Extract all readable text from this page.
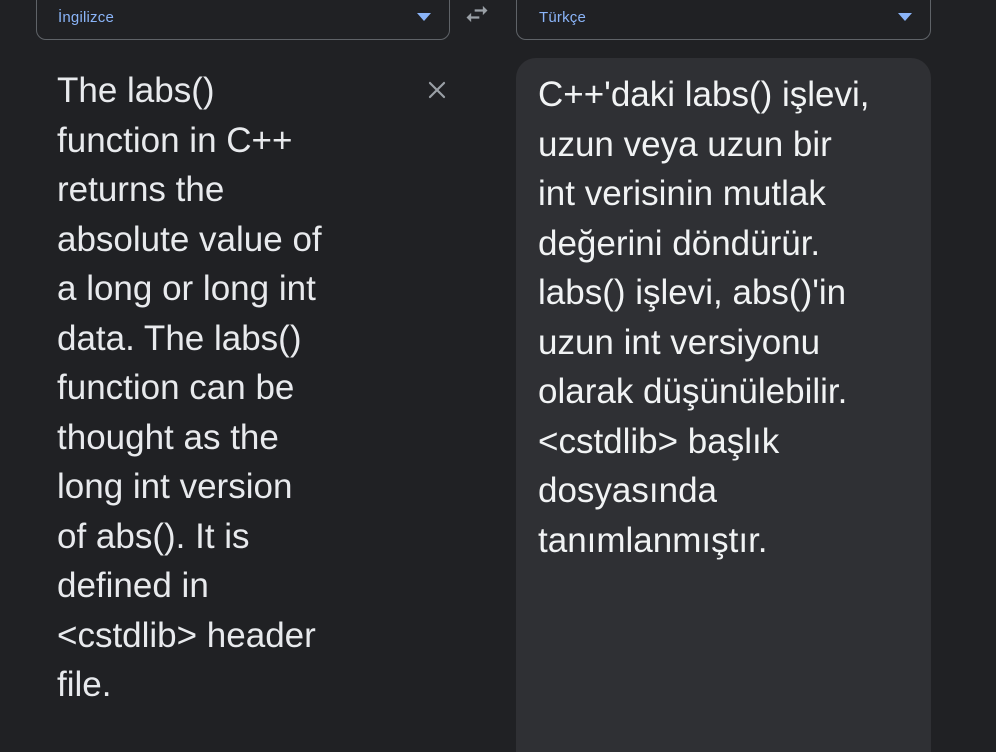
İngilizce	Türkçe
The labs() function in C++ returns the absolute value of a long or long int data. The labs() function can be thought as the long int version of abs(). It is defined in <cstdlib> header file.
C++'daki labs() işlevi, uzun veya uzun bir int verisinin mutlak değerini döndürür. labs() işlevi, abs()'in uzun int versiyonu olarak düşünülebilir. <cstdlib> başlık dosyasında tanımlanmıştır.
